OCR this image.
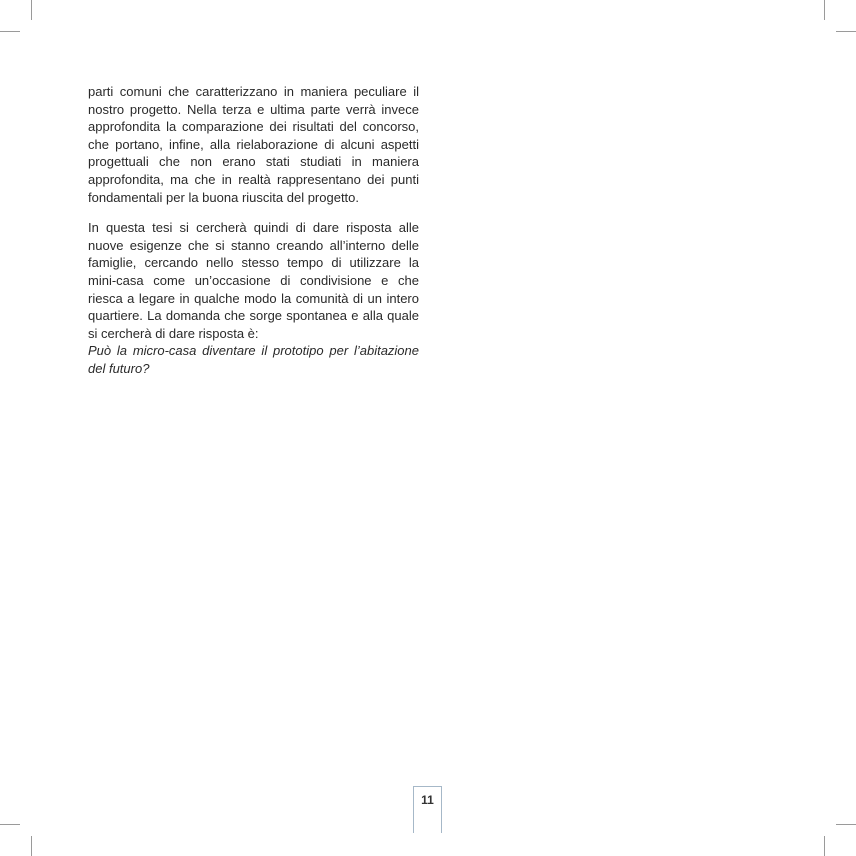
parti comuni che caratterizzano in maniera peculiare il nostro progetto. Nella terza e ultima parte verrà invece approfondita la comparazione dei risultati del concorso, che portano, infine, alla rielaborazione di alcuni aspetti progettuali che non erano stati studiati in maniera approfondita, ma che in realtà rappresentano dei punti fondamentali per la buona riuscita del progetto.

In questa tesi si cercherà quindi di dare risposta alle nuove esigenze che si stanno creando all’interno delle famiglie, cercando nello stesso tempo di utilizzare la mini-casa come un’occasione di condivisione e che riesca a legare in qualche modo la comunità di un intero quartiere. La domanda che sorge spontanea e alla quale si cercherà di dare risposta è:
Può la micro-casa diventare il prototipo per l’abitazione del futuro?

11
